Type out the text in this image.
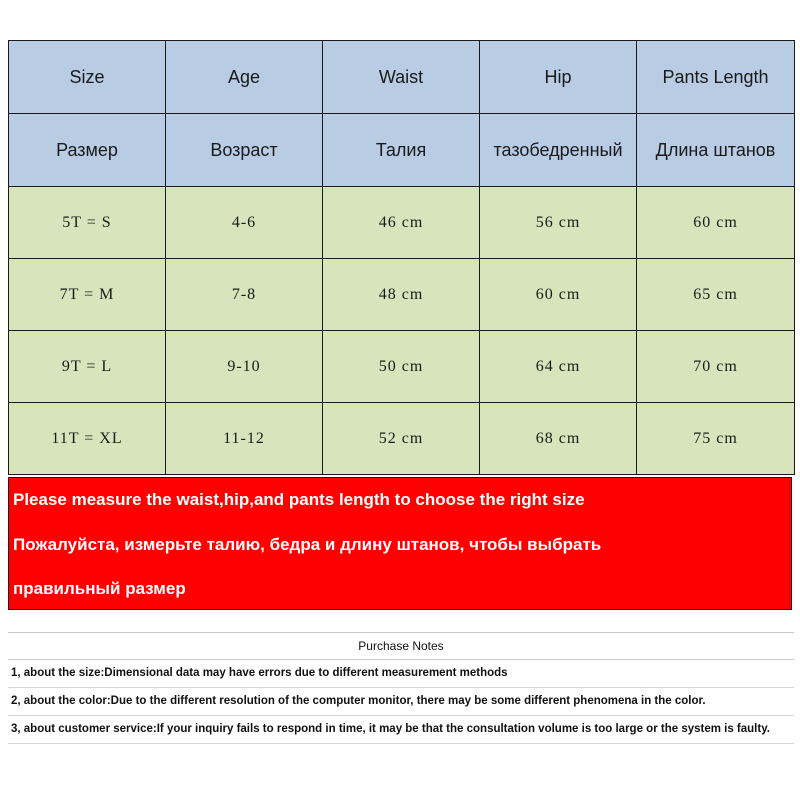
Size	Age	Waist	Hip	Pants Length
Размер	Возраст	Талия	тазобедренный	Длина штанов
5T = S	4-6	46 cm	56 cm	60 cm
7T = M	7-8	48 cm	60 cm	65 cm
9T = L	9-10	50 cm	64 cm	70 cm
11T = XL	11-12	52 cm	68 cm	75 cm
Please measure the waist,hip,and pants length to choose the right size
Пожалуйста, измерьте талию, бедра и длину штанов, чтобы выбрать
правильный размер
Purchase Notes
1, about the size:Dimensional data may have errors due to different measurement methods
2, about the color:Due to the different resolution of the computer monitor, there may be some different phenomena in the color.
3, about customer service:If your inquiry fails to respond in time, it may be that the consultation volume is too large or the system is faulty.
